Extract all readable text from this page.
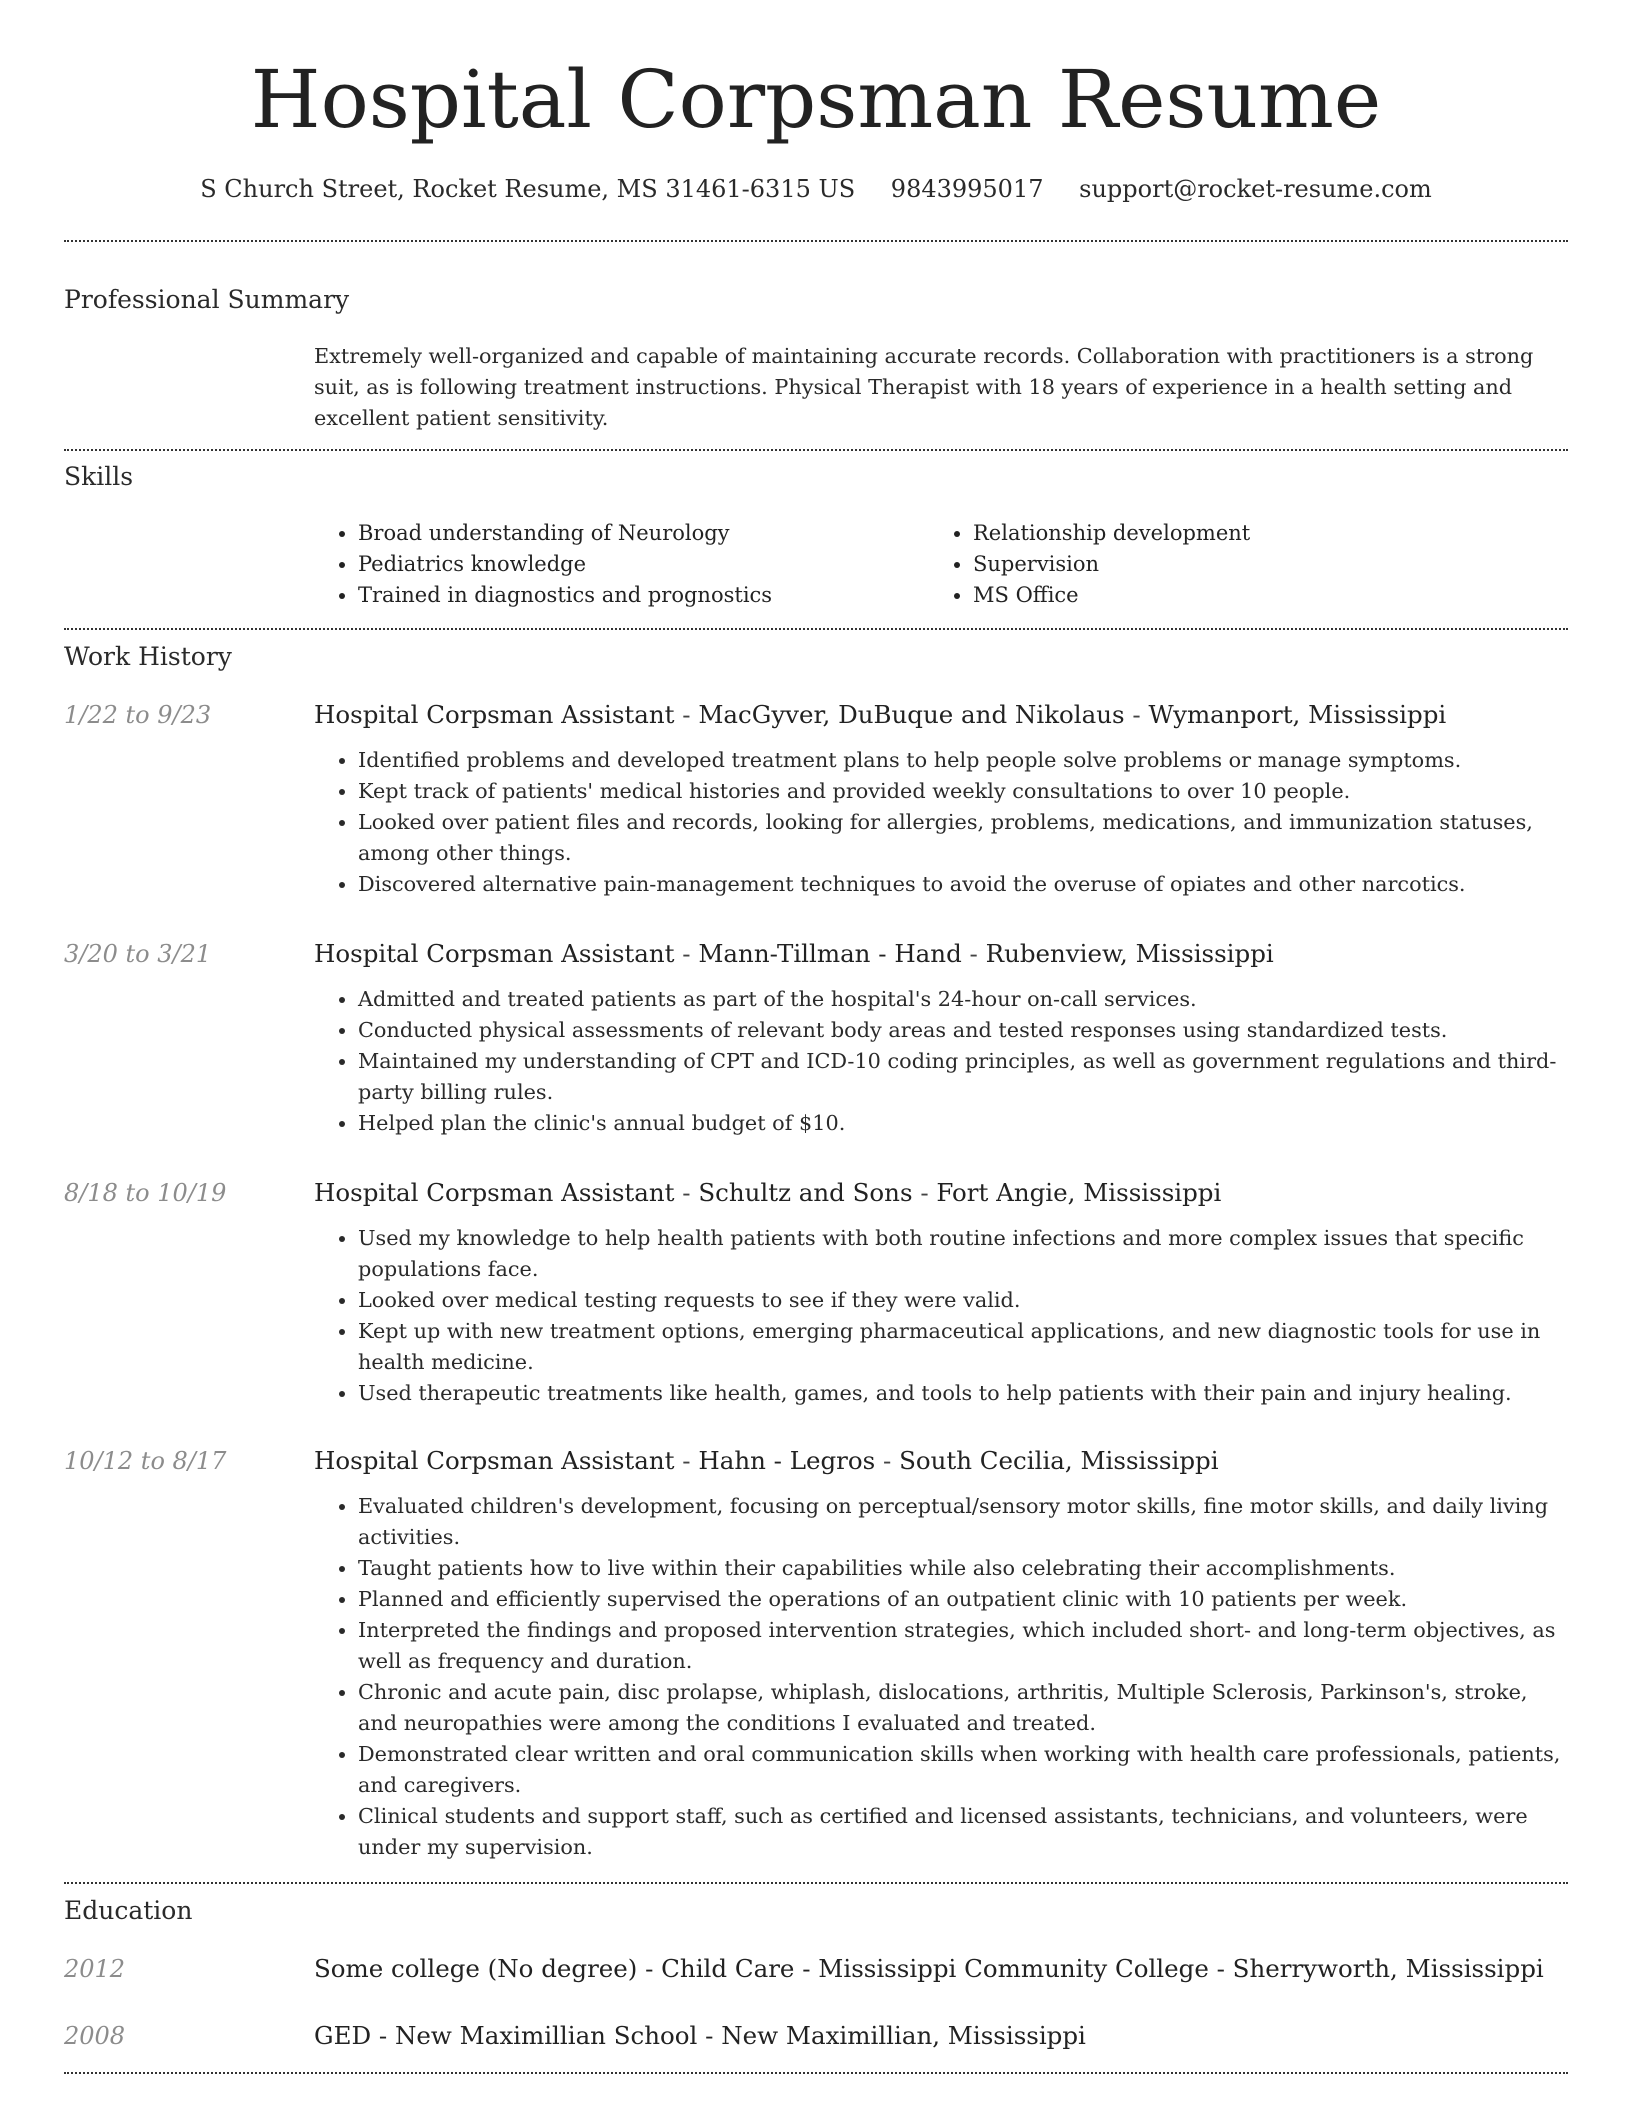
Hospital Corpsman Resume
S Church Street, Rocket Resume, MS 31461-6315 US 9843995017 support@rocket-resume.com
Professional Summary
Extremely well-organized and capable of maintaining accurate records. Collaboration with practitioners is a strong suit, as is following treatment instructions. Physical Therapist with 18 years of experience in a health setting and excellent patient sensitivity.
Skills
• Broad understanding of Neurology
• Pediatrics knowledge
• Trained in diagnostics and prognostics
• Relationship development
• Supervision
• MS Office
Work History
1/22 to 9/23	Hospital Corpsman Assistant - MacGyver, DuBuque and Nikolaus - Wymanport, Mississippi
• Identified problems and developed treatment plans to help people solve problems or manage symptoms.
• Kept track of patients' medical histories and provided weekly consultations to over 10 people.
• Looked over patient files and records, looking for allergies, problems, medications, and immunization statuses, among other things.
• Discovered alternative pain-management techniques to avoid the overuse of opiates and other narcotics.
3/20 to 3/21	Hospital Corpsman Assistant - Mann-Tillman - Hand - Rubenview, Mississippi
• Admitted and treated patients as part of the hospital's 24-hour on-call services.
• Conducted physical assessments of relevant body areas and tested responses using standardized tests.
• Maintained my understanding of CPT and ICD-10 coding principles, as well as government regulations and third-party billing rules.
• Helped plan the clinic's annual budget of $10.
8/18 to 10/19	Hospital Corpsman Assistant - Schultz and Sons - Fort Angie, Mississippi
• Used my knowledge to help health patients with both routine infections and more complex issues that specific populations face.
• Looked over medical testing requests to see if they were valid.
• Kept up with new treatment options, emerging pharmaceutical applications, and new diagnostic tools for use in health medicine.
• Used therapeutic treatments like health, games, and tools to help patients with their pain and injury healing.
10/12 to 8/17	Hospital Corpsman Assistant - Hahn - Legros - South Cecilia, Mississippi
• Evaluated children's development, focusing on perceptual/sensory motor skills, fine motor skills, and daily living activities.
• Taught patients how to live within their capabilities while also celebrating their accomplishments.
• Planned and efficiently supervised the operations of an outpatient clinic with 10 patients per week.
• Interpreted the findings and proposed intervention strategies, which included short- and long-term objectives, as well as frequency and duration.
• Chronic and acute pain, disc prolapse, whiplash, dislocations, arthritis, Multiple Sclerosis, Parkinson's, stroke, and neuropathies were among the conditions I evaluated and treated.
• Demonstrated clear written and oral communication skills when working with health care professionals, patients, and caregivers.
• Clinical students and support staff, such as certified and licensed assistants, technicians, and volunteers, were under my supervision.
Education
2012	Some college (No degree) - Child Care - Mississippi Community College - Sherryworth, Mississippi
2008	GED - New Maximillian School - New Maximillian, Mississippi
